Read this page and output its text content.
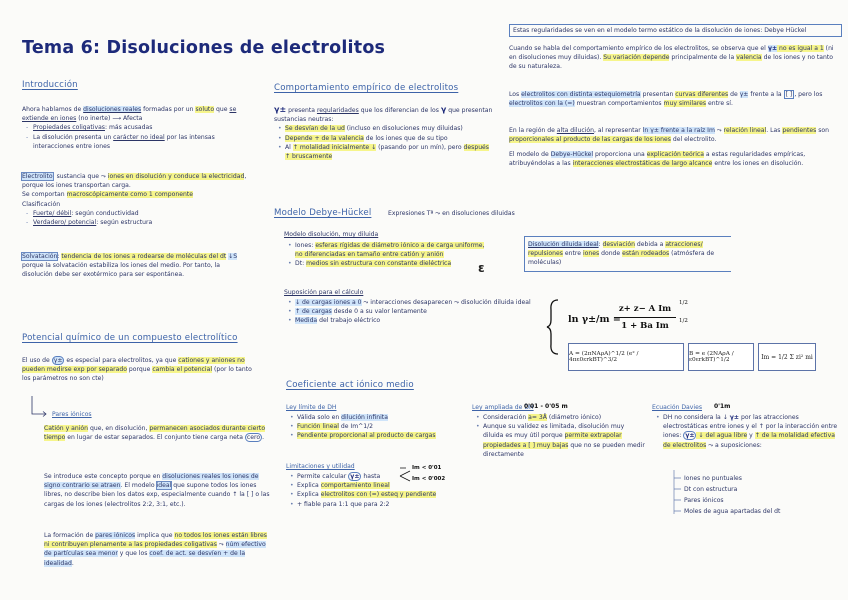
Tema 6: Disoluciones de electrolitos
Introducción
Ahora hablamos de disoluciones reales formadas por un soluto que se extiende en iones (no inerte) ⟶ Afecta
- Propiedades coligativas: más acusadas
- La disolución presenta un carácter no ideal por las intensas interacciones entre iones
Electrolito: sustancia que ⤳ iones en disolución y conduce la electricidad, porque los iones transportan carga.
Se comportan macroscópicamente como 1 componente
Clasificación
- Fuerte/ débil: según conductividad
- Verdadero/ potencial: según estructura
Solvatación: tendencia de los iones a rodearse de moléculas del dt ↓S porque la solvatación estabiliza los iones del medio. Por tanto, la disolución debe ser exotérmico para ser espontánea.
Potencial químico de un compuesto electrolítico
El uso de γ± es especial para electrolitos, ya que cationes y aniones no pueden medirse exp por separado porque cambia el potencial (por lo tanto los parámetros no son cte)
Pares iónicos
Catión y anión que, en disolución, permanecen asociados durante cierto tiempo en lugar de estar separados. El conjunto tiene carga neta cero .
Se introduce este concepto porque en disoluciones reales los iones de signo contrario se atraen. El modelo ideal que supone todos los iones libres, no describe bien los datos exp, especialmente cuando ↑ la [ ] o las cargas de los iones (electrolitos 2:2, 3:1, etc.).
La formación de pares iónicos implica que no todos los iones están libres ni contribuyen plenamente a las propiedades coligativas ⤳ núm efectivo de partículas sea menor y que los coef. de act. se desvíen + de la idealidad.
Comportamiento empírico de electrolitos
γ± presenta regularidades que los diferencian de los γ que presentan sustancias neutras:
• Se desvían de la ud (incluso en disoluciones muy diluidas)
• Depende + de la valencia de los iones que de su tipo
• Al ↑ molalidad inicialmente ↓ (pasando por un mín), pero después ↑ bruscamente
Modelo Debye-Hückel	Expresiones Tª ⤳ en disoluciones diluidas
Modelo disolución, muy diluida
• Iones: esferas rígidas de diámetro iónico a de carga uniforme, no diferenciadas en tamaño entre catión y anión
• Dt: medios sin estructura con constante dieléctrica	ε
Disolución diluida ideal: desviación debida a atracciones/ repulsiones entre iones donde están rodeados (atmósfera de moléculas)
Suposición para el cálculo
• ↓ de cargas iones a 0 ⤳ interacciones desaparecen ⤳ disolución diluida ideal
• ↑ de cargas desde 0 a su valor lentamente
• Medida del trabajo eléctrico	ln γ±/m =
z+ z− A Im
1 + Ba Im
1/2
1/2
A = (2πNAρA)^1/2 (e² / 4πε0εrkBT)^3/2
B = e (2NAρA / ε0εrkBT)^1/2	Im = 1/2 Σ zi² mi
Estas regularidades se ven en el modelo termo estático de la disolución de iones: Debye Hückel
Cuando se habla del comportamiento empírico de los electrolitos, se observa que el γ± no es igual a 1 (ni en disoluciones muy diluidas). Su variación depende principalmente de la valencia de los iones y no tanto de su naturaleza.
Los electrolitos con distinta estequiometría presentan curvas diferentes de γ± frente a la [ ] , pero los electrolitos con la (=) muestran comportamientos muy similares entre sí.
En la región de alta dilución, al representar ln γ± frente a la raíz Im ⤳ relación lineal. Las pendientes son proporcionales al producto de las cargas de los iones del electrolito.
El modelo de Debye-Hückel proporciona una explicación teórica a estas regularidades empíricas, atribuyéndolas a las interacciones electrostáticas de largo alcance entre los iones en disolución.
Coeficiente act iónico medio
Ley límite de DH
• Válida solo en dilución infinita
• Función lineal de Im^1/2
• Pendiente proporcional al producto de cargas
Limitaciones y utilidad
• Permite calcular γ± hasta
• Explica comportamiento lineal
• Explica electrolitos con (=) esteq y pendiente
• + fiable para 1:1 que para 2:2
Im < 0'01
Im < 0'002
Ley ampliada de DH
0'01 - 0'05 m
• Consideración a= 3Å (diámetro iónico)
• Aunque su validez es limitada, disolución muy diluida es muy útil porque permite extrapolar propiedades a [ ] muy bajas que no se pueden medir directamente
Ecuación Davies 0'1m
• DH no considera la ↓ γ± por las atracciones electrostáticas entre iones y el ↑ por la interacción entre iones: γ± ↓ del agua libre y ↑ de la molalidad efectiva de electrolitos ⤳ a suposiciones:
Iones no puntuales
Dt con estructura
Pares iónicos
Moles de agua apartadas del dt
